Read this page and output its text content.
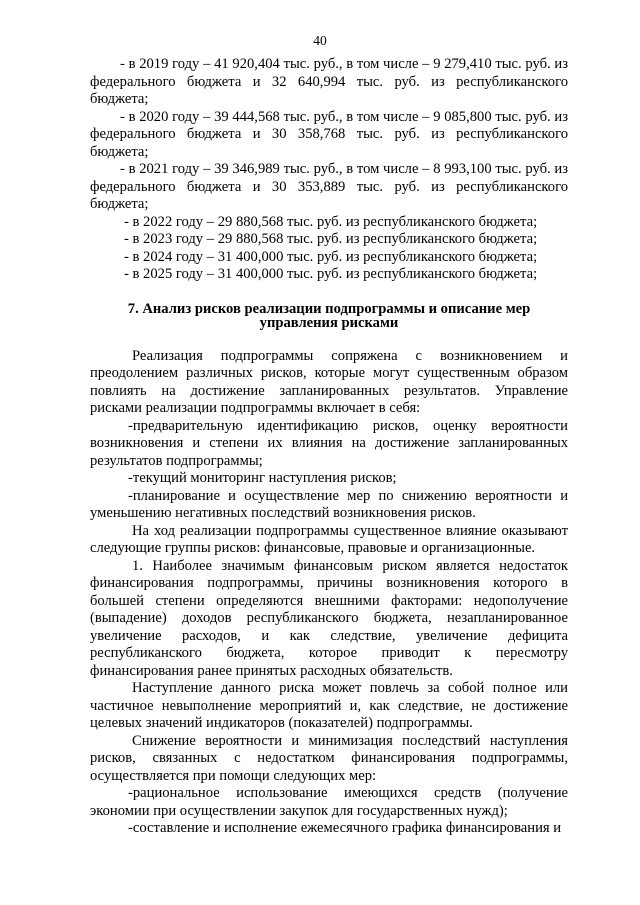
40

- в 2019 году – 41 920,404 тыс. руб., в том числе – 9 279,410 тыс. руб. из федерального бюджета и 32 640,994 тыс. руб. из республиканского бюджета;

- в 2020 году – 39 444,568 тыс. руб., в том числе – 9 085,800 тыс. руб. из федерального бюджета и 30 358,768 тыс. руб. из республиканского бюджета;

- в 2021 году – 39 346,989 тыс. руб., в том числе – 8 993,100 тыс. руб. из федерального бюджета и 30 353,889 тыс. руб. из республиканского бюджета;

- в 2022 году – 29 880,568 тыс. руб. из республиканского бюджета;

- в 2023 году – 29 880,568 тыс. руб. из республиканского бюджета;

- в 2024 году – 31 400,000 тыс. руб. из республиканского бюджета;

- в 2025 году – 31 400,000 тыс. руб. из республиканского бюджета;

7. Анализ рисков реализации подпрограммы и описание мер управления рисками

Реализация подпрограммы сопряжена с возникновением и преодолением различных рисков, которые могут существенным образом повлиять на достижение запланированных результатов. Управление рисками реализации подпрограммы включает в себя:

-предварительную идентификацию рисков, оценку вероятности возникновения и степени их влияния на достижение запланированных результатов подпрограммы;

-текущий мониторинг наступления рисков;

-планирование и осуществление мер по снижению вероятности и уменьшению негативных последствий возникновения рисков.

На ход реализации подпрограммы существенное влияние оказывают следующие группы рисков: финансовые, правовые и организационные.

1. Наиболее значимым финансовым риском является недостаток финансирования подпрограммы, причины возникновения которого в большей степени определяются внешними факторами: недополучение (выпадение) доходов республиканского бюджета, незапланированное увеличение расходов, и как следствие, увеличение дефицита республиканского бюджета, которое приводит к пересмотру финансирования ранее принятых расходных обязательств.

Наступление данного риска может повлечь за собой полное или частичное невыполнение мероприятий и, как следствие, не достижение целевых значений индикаторов (показателей) подпрограммы.

Снижение вероятности и минимизация последствий наступления рисков, связанных с недостатком финансирования подпрограммы, осуществляется при помощи следующих мер:

-рациональное использование имеющихся средств (получение экономии при осуществлении закупок для государственных нужд);

-составление и исполнение ежемесячного графика финансирования и
